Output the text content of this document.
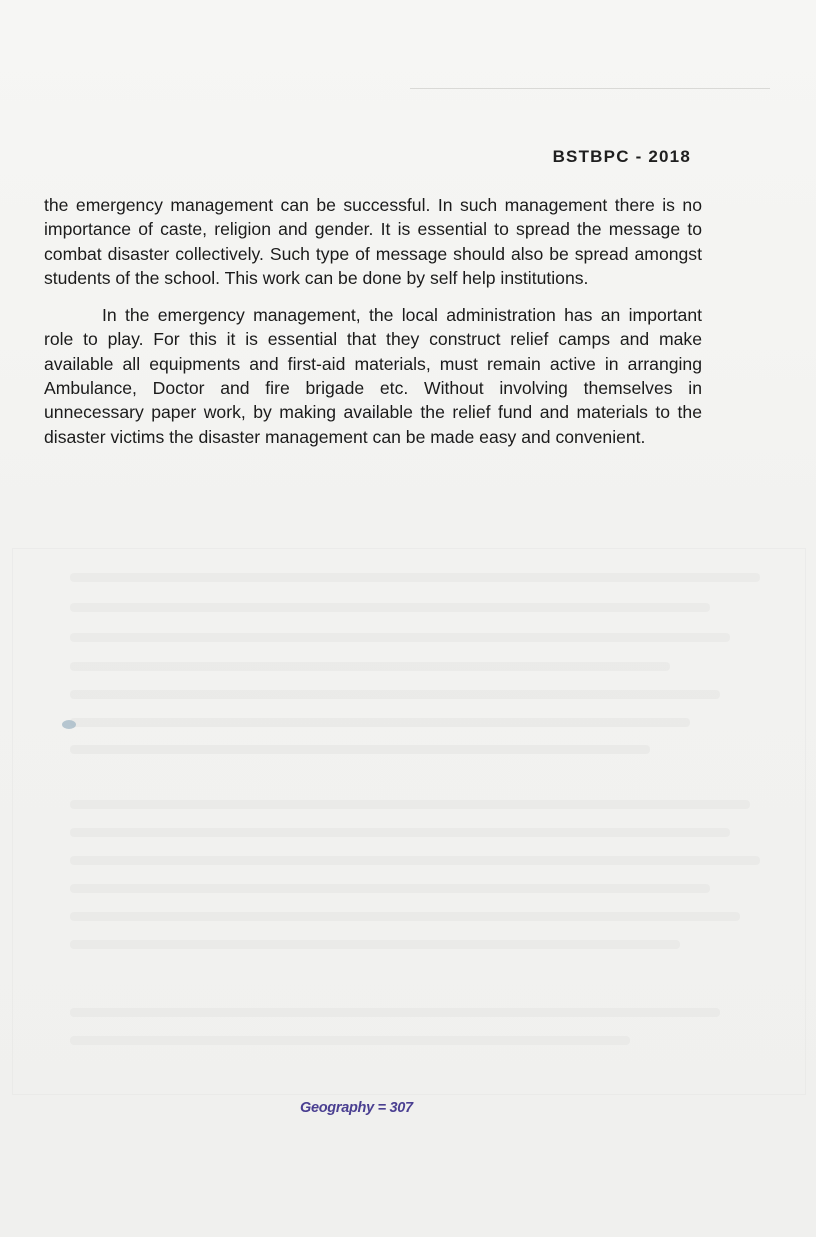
BSTBPC - 2018

the emergency management can be successful. In such management there is no importance of caste, religion and gender. It is essential to spread the message to combat disaster collectively. Such type of message should also be spread amongst students of the school. This work can be done by self help institutions.

In the emergency management, the local administration has an important role to play. For this it is essential that they construct relief camps and make available all equipments and first-aid materials, must remain active in arranging Ambulance, Doctor and fire brigade etc. Without involving themselves in unnecessary paper work, by making available the relief fund and materials to the disaster victims the disaster management can be made easy and convenient.

Geography = 307
